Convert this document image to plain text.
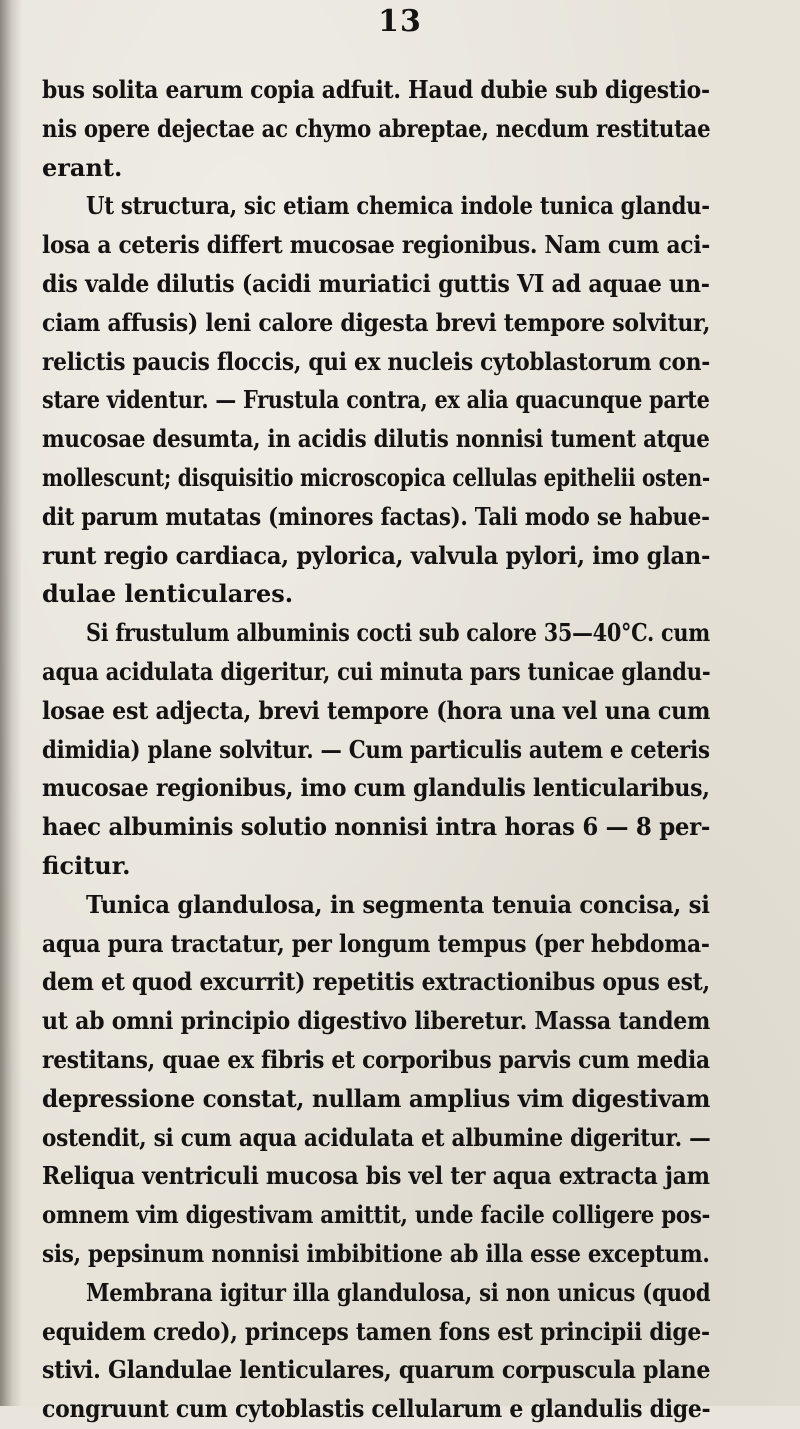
13
bus solita earum copia adfuit. Haud dubie sub digestio-
nis opere dejectae ac chymo abreptae, necdum restitutae
erant.
Ut structura, sic etiam chemica indole tunica glandu-
losa a ceteris differt mucosae regionibus. Nam cum aci-
dis valde dilutis (acidi muriatici guttis VI ad aquae un-
ciam affusis) leni calore digesta brevi tempore solvitur,
relictis paucis floccis, qui ex nucleis cytoblastorum con-
stare videntur. — Frustula contra, ex alia quacunque parte
mucosae desumta, in acidis dilutis nonnisi tument atque
mollescunt; disquisitio microscopica cellulas epithelii osten-
dit parum mutatas (minores factas). Tali modo se habue-
runt regio cardiaca, pylorica, valvula pylori, imo glan-
dulae lenticulares.
Si frustulum albuminis cocti sub calore 35—40°C. cum
aqua acidulata digeritur, cui minuta pars tunicae glandu-
losae est adjecta, brevi tempore (hora una vel una cum
dimidia) plane solvitur. — Cum particulis autem e ceteris
mucosae regionibus, imo cum glandulis lenticularibus,
haec albuminis solutio nonnisi intra horas 6 — 8 per-
ficitur.
Tunica glandulosa, in segmenta tenuia concisa, si
aqua pura tractatur, per longum tempus (per hebdoma-
dem et quod excurrit) repetitis extractionibus opus est,
ut ab omni principio digestivo liberetur. Massa tandem
restitans, quae ex fibris et corporibus parvis cum media
depressione constat, nullam amplius vim digestivam
ostendit, si cum aqua acidulata et albumine digeritur. —
Reliqua ventriculi mucosa bis vel ter aqua extracta jam
omnem vim digestivam amittit, unde facile colligere pos-
sis, pepsinum nonnisi imbibitione ab illa esse exceptum.
Membrana igitur illa glandulosa, si non unicus (quod
equidem credo), princeps tamen fons est principii dige-
stivi. Glandulae lenticulares, quarum corpuscula plane
congruunt cum cytoblastis cellularum e glandulis dige-
